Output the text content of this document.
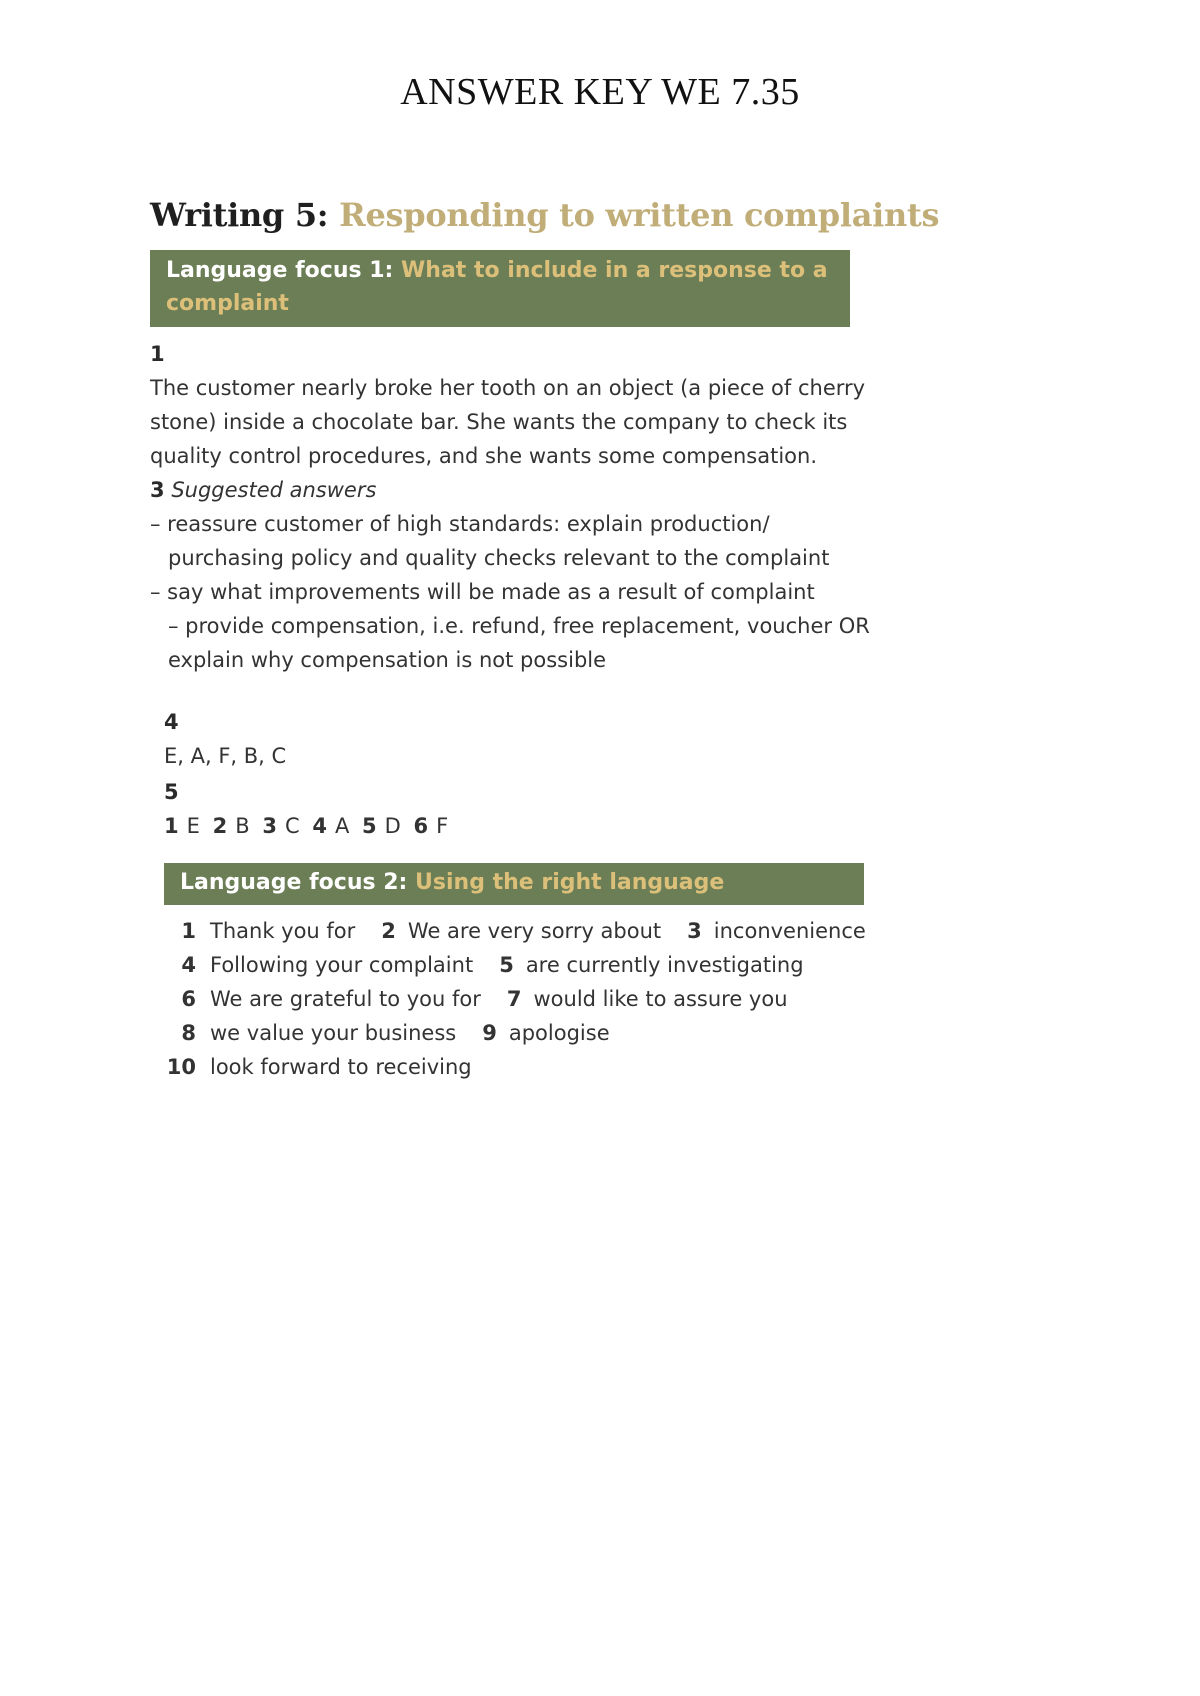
ANSWER KEY WE 7.35
Writing 5: Responding to written complaints
Language focus 1: What to include in a response to a complaint
1

The customer nearly broke her tooth on an object (a piece of cherry stone) inside a chocolate bar. She wants the company to check its quality control procedures, and she wants some compensation.

3 Suggested answers
– reassure customer of high standards: explain production/
purchasing policy and quality checks relevant to the complaint
– say what improvements will be made as a result of complaint
– provide compensation, i.e. refund, free replacement, voucher OR
explain why compensation is not possible
4
E, A, F, B, C
5
1 E 2 B 3 C 4 A 5 D 6 F
Language focus 2: Using the right language
1 Thank you for 2 We are very sorry about 3 inconvenience
4 Following your complaint 5 are currently investigating
6 We are grateful to you for 7 would like to assure you
8 we value your business 9 apologise
10 look forward to receiving
